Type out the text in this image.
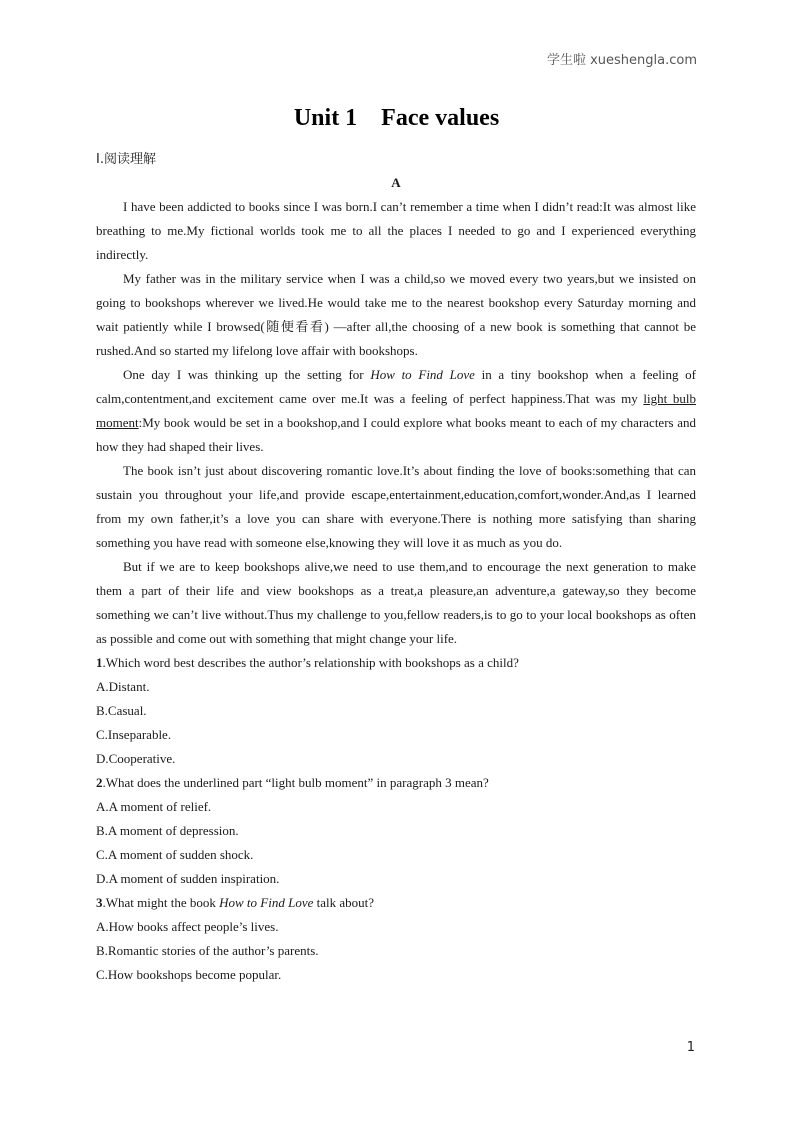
学生啦 xueshengla.com
Unit 1    Face values
Ⅰ.阅读理解

A

I have been addicted to books since I was born.I can’t remember a time when I didn’t read:It was almost like breathing to me.My fictional worlds took me to all the places I needed to go and I experienced everything indirectly.

My father was in the military service when I was a child,so we moved every two years,but we insisted on going to bookshops wherever we lived.He would take me to the nearest bookshop every Saturday morning and wait patiently while I browsed(随便看看) —after all,the choosing of a new book is something that cannot be rushed.And so started my lifelong love affair with bookshops.

One day I was thinking up the setting for How to Find Love in a tiny bookshop when a feeling of calm,contentment,and excitement came over me.It was a feeling of perfect happiness.That was my light bulb moment:My book would be set in a bookshop,and I could explore what books meant to each of my characters and how they had shaped their lives.

The book isn’t just about discovering romantic love.It’s about finding the love of books:something that can sustain you throughout your life,and provide escape,entertainment,education,comfort,wonder.And,as I learned from my own father,it’s a love you can share with everyone.There is nothing more satisfying than sharing something you have read with someone else,knowing they will love it as much as you do.

But if we are to keep bookshops alive,we need to use them,and to encourage the next generation to make them a part of their life and view bookshops as a treat,a pleasure,an adventure,a gateway,so they become something we can’t live without.Thus my challenge to you,fellow readers,is to go to your local bookshops as often as possible and come out with something that might change your life.

1.Which word best describes the author’s relationship with bookshops as a child?

A.Distant.

B.Casual.

C.Inseparable.

D.Cooperative.

2.What does the underlined part “light bulb moment” in paragraph 3 mean?

A.A moment of relief.

B.A moment of depression.

C.A moment of sudden shock.

D.A moment of sudden inspiration.

3.What might the book How to Find Love talk about?

A.How books affect people’s lives.

B.Romantic stories of the author’s parents.

C.How bookshops become popular.

1
